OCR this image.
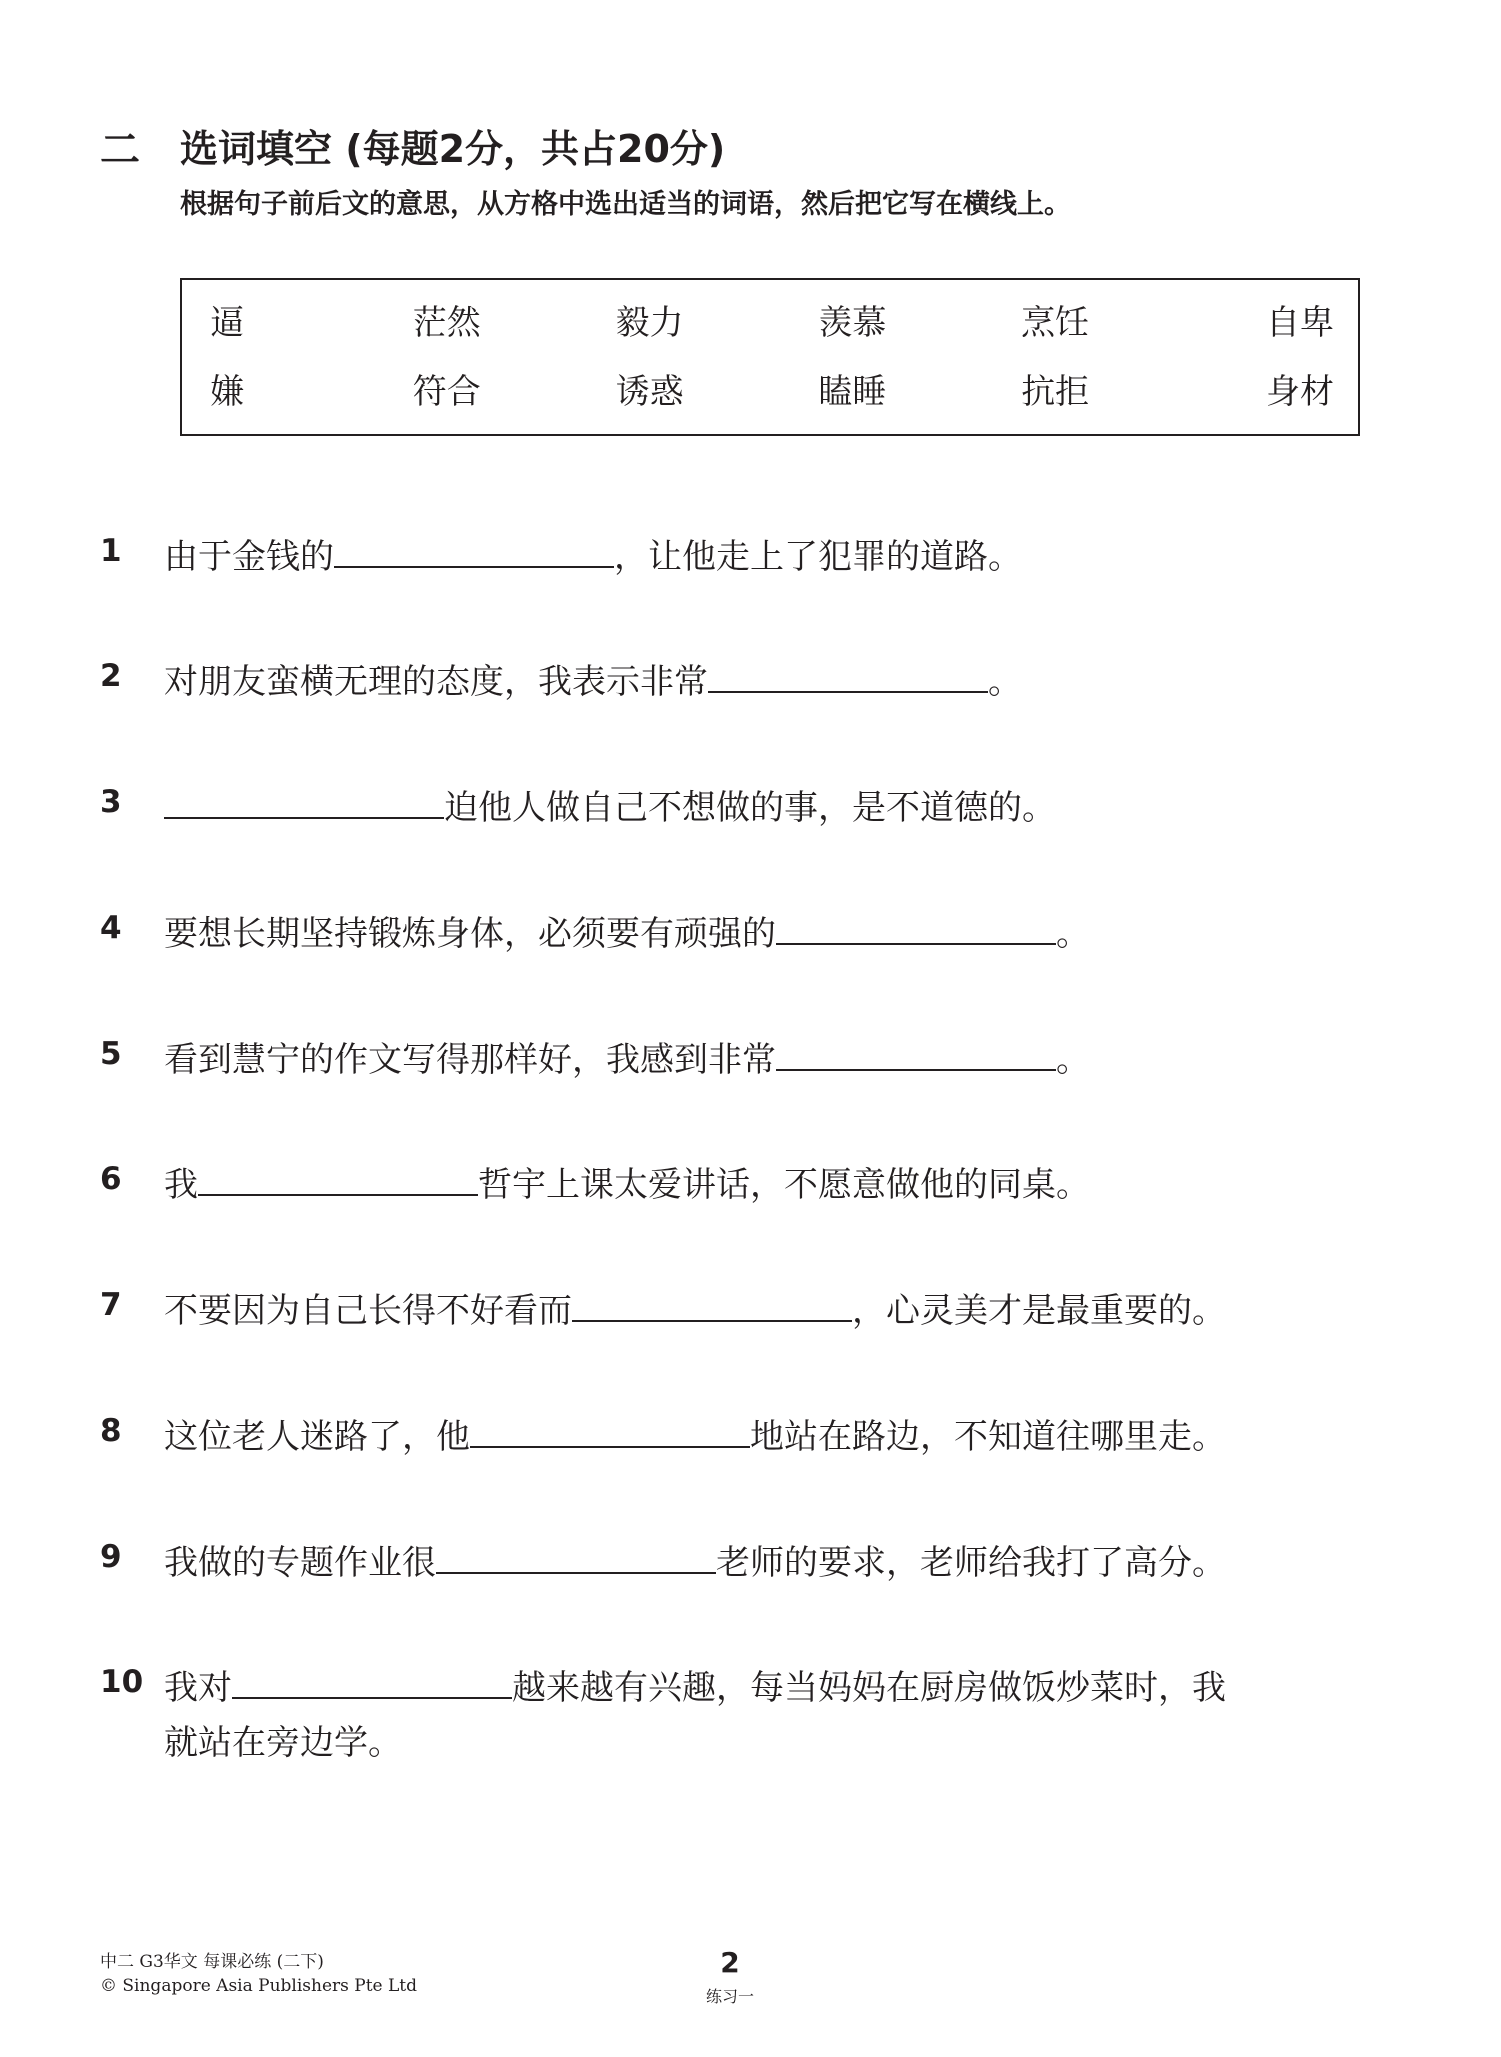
二 选词填空 (每题2分，共占20分)
根据句子前后文的意思，从方格中选出适当的词语，然后把它写在横线上。
逼	茫然	毅力	羡慕	烹饪	自卑
嫌	符合	诱惑	瞌睡	抗拒	身材
1	由于金钱的	，让他走上了犯罪的道路。
2	对朋友蛮横无理的态度，我表示非常	。
3	迫他人做自己不想做的事，是不道德的。
4	要想长期坚持锻炼身体，必须要有顽强的	。
5	看到慧宁的作文写得那样好，我感到非常	。
6	我	哲宇上课太爱讲话，不愿意做他的同桌。
7	不要因为自己长得不好看而	，心灵美才是最重要的。
8	这位老人迷路了，他	地站在路边，不知道往哪里走。
9	我做的专题作业很	老师的要求，老师给我打了高分。
10 我对	越来越有兴趣，每当妈妈在厨房做饭炒菜时，我
就站在旁边学。
中二 G3华文 每课必练 (二下)
© Singapore Asia Publishers Pte Ltd
2
练习一
